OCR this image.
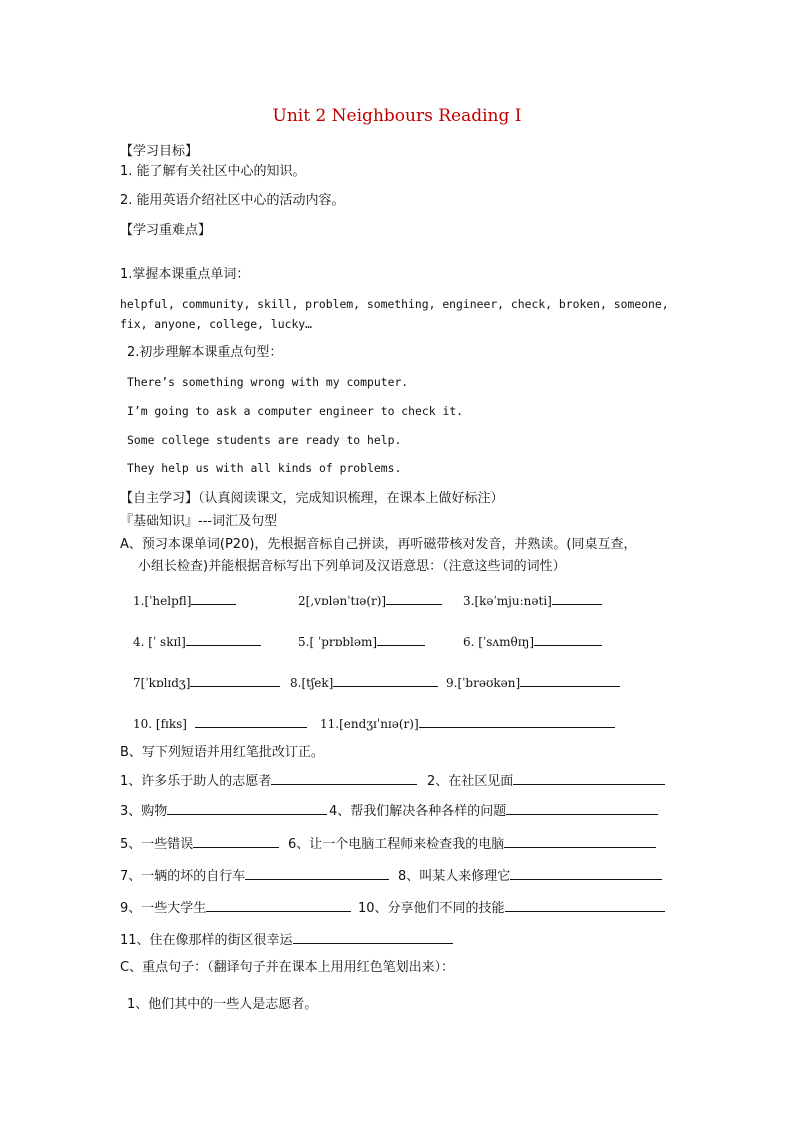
Unit 2 Neighbours Reading I
【学习目标】
1. 能了解有关社区中心的知识。
2. 能用英语介绍社区中心的活动内容。
【学习重难点】
1.掌握本课重点单词：
helpful, community, skill, problem, something, engineer, check, broken, someone,
fix, anyone, college, lucky…
2.初步理解本课重点句型：
There’s something wrong with my computer.
I’m going to ask a computer engineer to check it.
Some college students are ready to help.
They help us with all kinds of problems.
【自主学习】（认真阅读课文，完成知识梳理，在课本上做好标注）
『基础知识』---词汇及句型
A、预习本课单词(P20)，先根据音标自己拼读，再听磁带核对发音，并熟读。(同桌互查，
小组长检查)并能根据音标写出下列单词及汉语意思：（注意这些词的词性）
1.[ˈhelpfl]	2[,vɒlənˈtɪə(r)]	3.[kəˈmjuːnəti]
4. [ˈ skɪl]	5.[ ˈprɒbləm]	6. [ˈsʌmθɪŋ]
7[ˈkɒlɪdʒ]	8.[tʃek]	9.[ˈbrəʊkən]
10. [fɪks]	11.[endʒɪˈnɪə(r)]
B、写下列短语并用红笔批改订正。
1、许多乐于助人的志愿者	2、在社区见面
3、购物	4、帮我们解决各种各样的问题
5、一些错误	6、让一个电脑工程师来检查我的电脑
7、一辆的坏的自行车	8、叫某人来修理它
9、一些大学生	10、分享他们不同的技能
11、住在像那样的街区很幸运
C、重点句子：（翻译句子并在课本上用用红色笔划出来）：
1、他们其中的一些人是志愿者。
